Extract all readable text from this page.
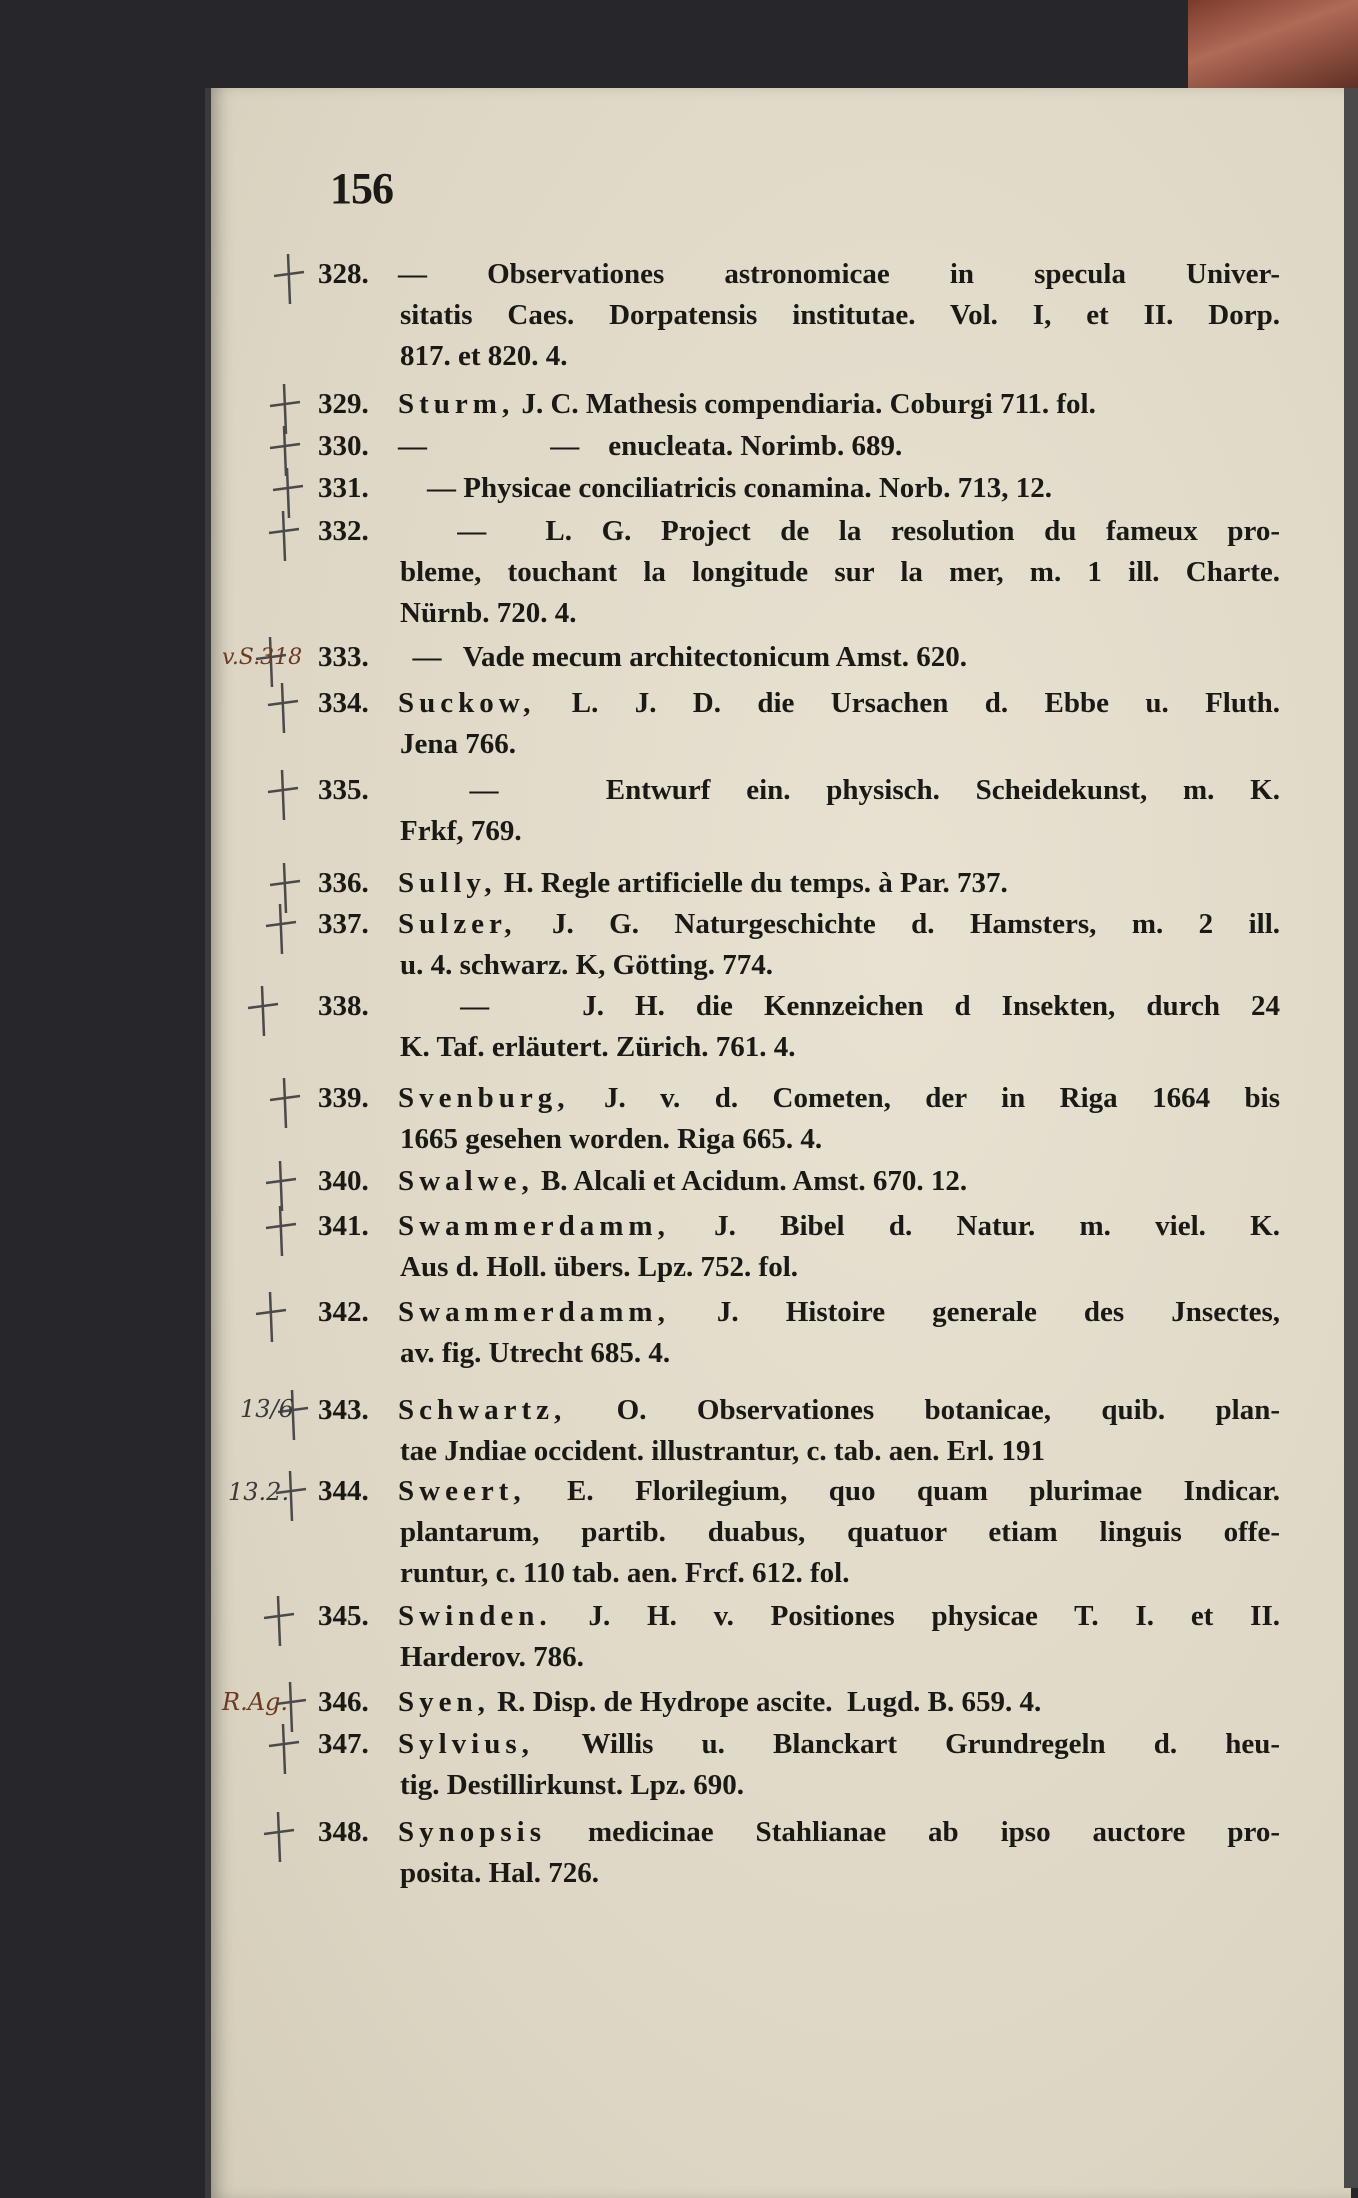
156
328. — Observationes astronomicae in specula Univer-
sitatis Caes. Dorpatensis institutae. Vol. I, et II. Dorp.
817. et 820. 4.
329. Sturm, J. C. Mathesis compendiaria. Coburgi 711. fol.
330. —                 —    enucleata. Norimb. 689.
331.    — Physicae conciliatricis conamina. Norb. 713, 12.
332.  —  L. G. Project de la resolution du fameux pro-
bleme, touchant la longitude sur la mer, m. 1 ill. Charte.
Nürnb. 720. 4.
333.  —   Vade mecum architectonicum Amst. 620.
334. Suckow, L. J. D. die Ursachen d. Ebbe u. Fluth.
Jena 766.
335.  —   Entwurf ein. physisch. Scheidekunst, m. K.
Frkf, 769.
336. Sully, H. Regle artificielle du temps. à Par. 737.
337. Sulzer, J. G. Naturgeschichte d. Hamsters, m. 2 ill.
u. 4. schwarz. K, Götting. 774.
338.  —   J. H. die Kennzeichen d Insekten, durch 24
K. Taf. erläutert. Zürich. 761. 4.
339. Svenburg, J. v. d. Cometen, der in Riga 1664 bis
1665 gesehen worden. Riga 665. 4.
340. Swalwe, B. Alcali et Acidum. Amst. 670. 12.
341. Swammerdamm, J. Bibel d. Natur. m. viel. K.
Aus d. Holl. übers. Lpz. 752. fol.
342. Swammerdamm, J. Histoire generale des Jnsectes,
av. fig. Utrecht 685. 4.
343. Schwartz, O. Observationes botanicae, quib. plan-
tae Jndiae occident. illustrantur, c. tab. aen. Erl. 191
344. Sweert, E. Florilegium, quo quam plurimae Indicar.
plantarum, partib. duabus, quatuor etiam linguis offe-
runtur, c. 110 tab. aen. Frcf. 612. fol.
345. Swinden. J. H. v. Positiones physicae T. I. et II.
Harderov. 786.
346. Syen, R. Disp. de Hydrope ascite.  Lugd. B. 659. 4.
347. Sylvius, Willis u. Blanckart Grundregeln d. heu-
tig. Destillirkunst. Lpz. 690.
348. Synopsis medicinae Stahlianae ab ipso auctore pro-
posita. Hal. 726.
v.S.318
13/6
13.2.
R.Ag.
